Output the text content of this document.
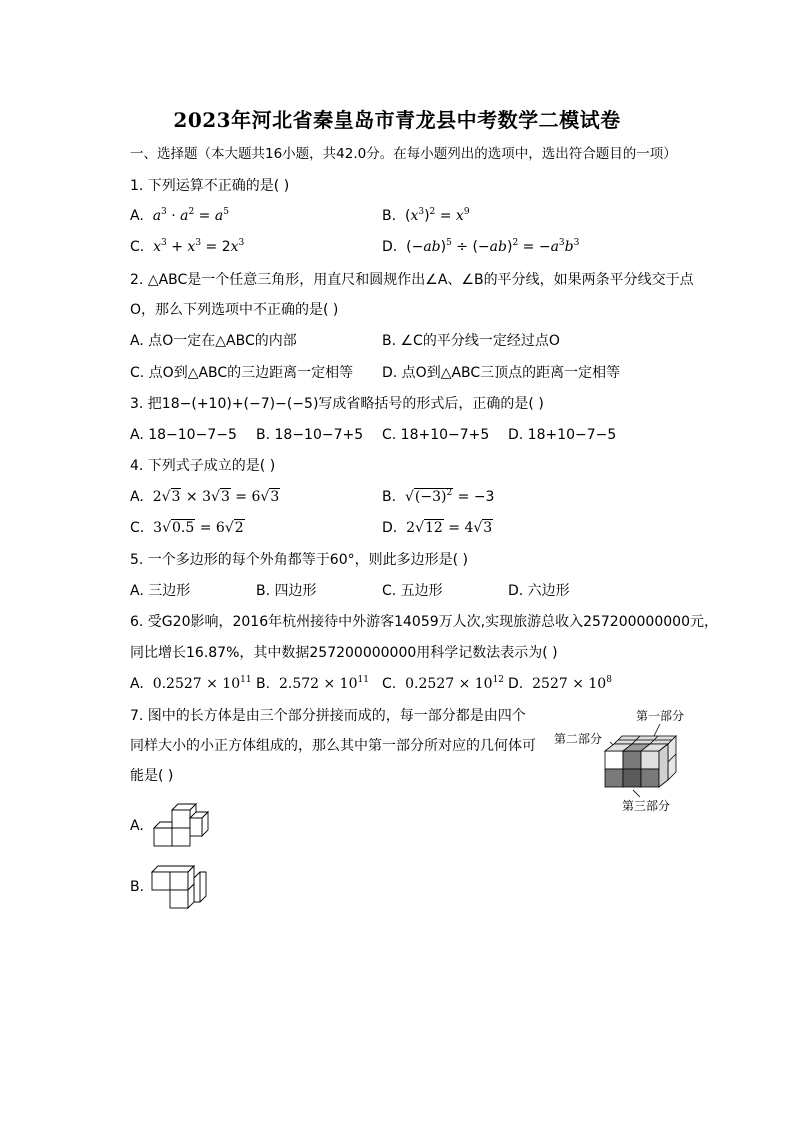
2023年河北省秦皇岛市青龙县中考数学二模试卷
一、选择题（本大题共16小题，共42.0分。在每小题列出的选项中，选出符合题目的一项）
1. 下列运算不正确的是( )
A. $a^3 \cdot a^2 = a^5$	B.  $(x^3)^2 = x^9$
C. $x^3 + x^3 = 2x^3$	D.  $(-ab)^5 \div (-ab)^2 = -a^3b^3$
2. △ABC是一个任意三角形，用直尺和圆规作出∠A、∠B的平分线，如果两条平分线交于点
O，那么下列选项中不正确的是( )
A. 点O一定在△ABC的内部	B. ∠C的平分线一定经过点O
C. 点O到△ABC的三边距离一定相等 D. 点O到△ABC三顶点的距离一定相等
3. 把18−(+10)+(−7)−(−5)写成省略括号的形式后，正确的是( )
A. 18−10−7−5 B. 18−10−7+5 C. 18+10−7+5 D. 18+10−7−5
4. 下列式子成立的是( )
A. 2√3 × 3√3 = 6√3	B. $√(-3)^2 = -3$
C. 3√0.5 = 6√2	D. 2√12 = 4√3
5. 一个多边形的每个外角都等于60°，则此多边形是( )
A. 三边形	B. 四边形	C. 五边形	D. 六边形
6. 受G20影响，2016年杭州接待中外游客14059万人次,实现旅游总收入257200000000元，
同比增长16.87%，其中数据257200000000用科学记数法表示为( )
A. $0.2527 \times 10^{11}$ B. $2.572 \times 10^{11}$ C. $0.2527 \times 10^{12}$ D. $2527 \times 10^8$
7. 图中的长方体是由三个部分拼接而成的，每一部分都是由四个
同样大小的小正方体组成的，那么其中第一部分所对应的几何体可
能是( )
第一部分
第二部分
第三部分
A.
B.
